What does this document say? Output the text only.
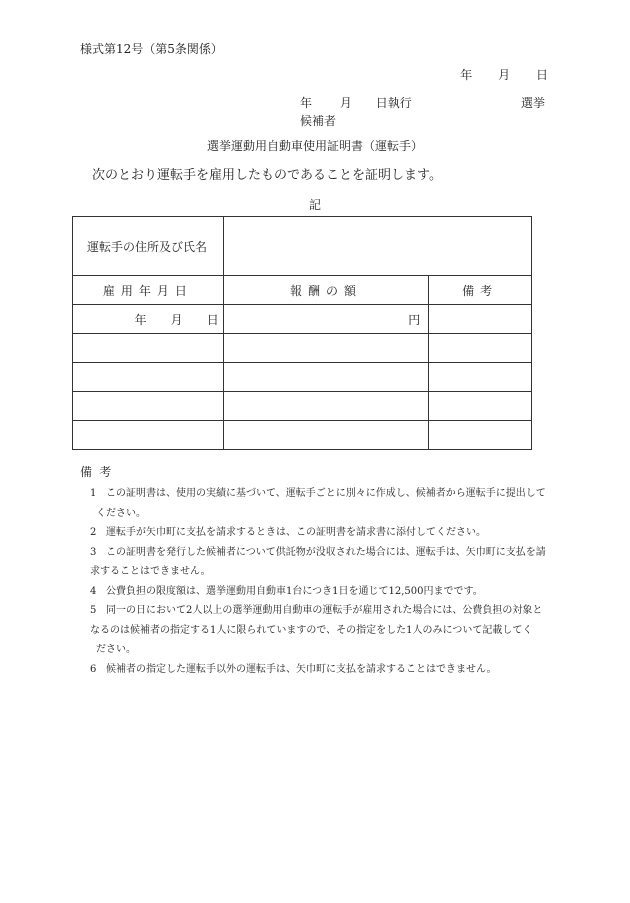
様式第12号（第5条関係）
年 月 日
年 月 日執行	選挙
候補者
選挙運動用自動車使用証明書（運転手）
次のとおり運転手を雇用したものであることを証明します。
記
運転手の住所及び氏名		
雇用年月日	報酬の額	備考
年 月 日	円	

備考
1 この証明書は、使用の実績に基づいて、運転手ごとに別々に作成し、候補者から運転手に提出して
ください。
2 運転手が矢巾町に支払を請求するときは、この証明書を請求書に添付してください。
3 この証明書を発行した候補者について供託物が没収された場合には、運転手は、矢巾町に支払を請
求することはできません。
4 公費負担の限度額は、選挙運動用自動車1台につき1日を通じて12,500円までです。
5 同一の日において2人以上の選挙運動用自動車の運転手が雇用された場合には、公費負担の対象と
なるのは候補者の指定する1人に限られていますので、その指定をした1人のみについて記載してく
ださい。
6 候補者の指定した運転手以外の運転手は、矢巾町に支払を請求することはできません。
